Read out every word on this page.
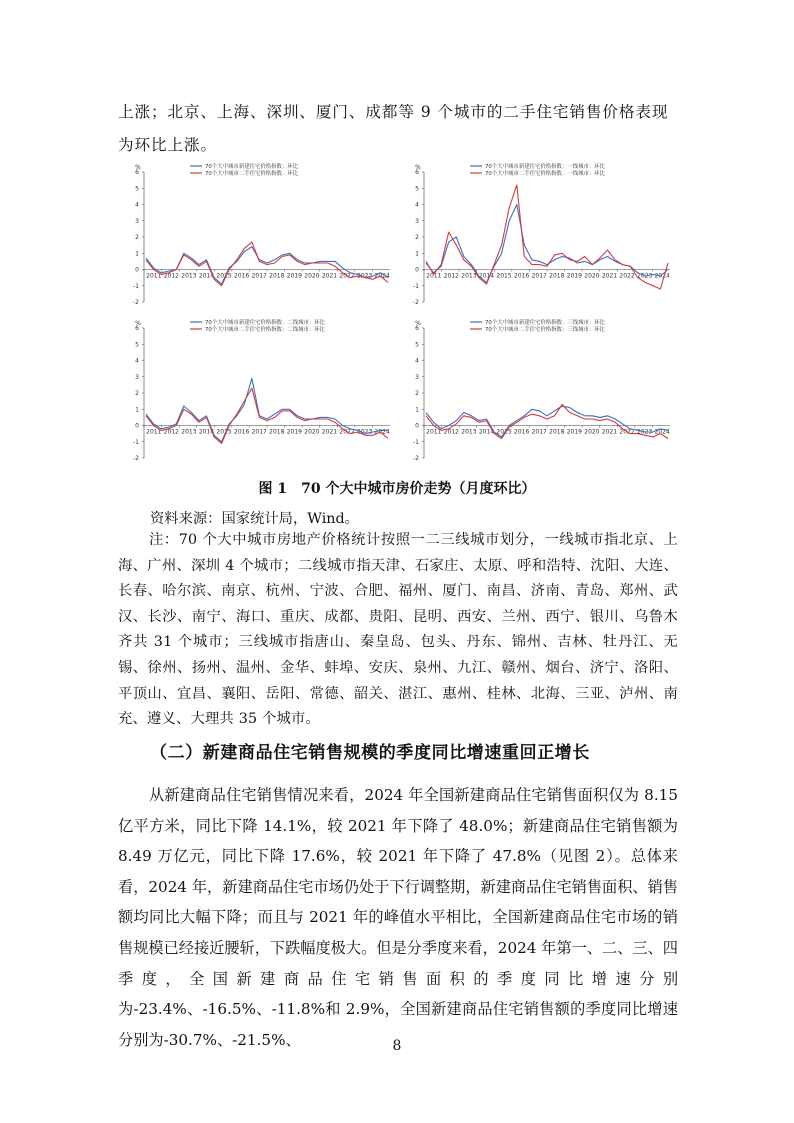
上涨；北京、上海、深圳、厦门、成都等 9 个城市的二手住宅销售价格表现为环比上涨。

%
-2
-1
0
1
2
3
4
5
6
2011 2012 2013 2014 2015 2016 2017 2018 2019 2020 2021 2022 2023 2024
70个大中城市新建住宅价格指数：环比
70个大中城市二手住宅价格指数：环比
%
-2
-1
0
1
2
3
4
5
6
2011 2012 2013 2014 2015 2016 2017 2018 2019 2020 2021 2022 2023 2024
70个大中城市新建住宅价格指数：一线城市：环比
70个大中城市二手住宅价格指数：一线城市：环比
%
-2
-1
0
1
2
3
4
5
6
2011 2012 2013 2014 2015 2016 2017 2018 2019 2020 2021 2022 2023 2024
70个大中城市新建住宅价格指数：二线城市：环比
70个大中城市二手住宅价格指数：二线城市：环比
%
-2
-1
0
1
2
3
4
5
6
2011 2012 2013 2014 2015 2016 2017 2018 2019 2020 2021 2022 2023 2024
70个大中城市新建住宅价格指数：三线城市：环比
70个大中城市二手住宅价格指数：三线城市：环比

图 1　70 个大中城市房价走势（月度环比）

资料来源：国家统计局，Wind。

注：70 个大中城市房地产价格统计按照一二三线城市划分，一线城市指北京、上海、广州、深圳 4 个城市；二线城市指天津、石家庄、太原、呼和浩特、沈阳、大连、长春、哈尔滨、南京、杭州、宁波、合肥、福州、厦门、南昌、济南、青岛、郑州、武汉、长沙、南宁、海口、重庆、成都、贵阳、昆明、西安、兰州、西宁、银川、乌鲁木齐共 31 个城市；三线城市指唐山、秦皇岛、包头、丹东、锦州、吉林、牡丹江、无锡、徐州、扬州、温州、金华、蚌埠、安庆、泉州、九江、赣州、烟台、济宁、洛阳、平顶山、宜昌、襄阳、岳阳、常德、韶关、湛江、惠州、桂林、北海、三亚、泸州、南充、遵义、大理共 35 个城市。

（二）新建商品住宅销售规模的季度同比增速重回正增长

从新建商品住宅销售情况来看，2024 年全国新建商品住宅销售面积仅为 8.15 亿平方米，同比下降 14.1%，较 2021 年下降了 48.0%；新建商品住宅销售额为 8.49 万亿元，同比下降 17.6%，较 2021 年下降了 47.8%（见图 2）。总体来看，2024 年，新建商品住宅市场仍处于下行调整期，新建商品住宅销售面积、销售额均同比大幅下降；而且与 2021 年的峰值水平相比，全国新建商品住宅市场的销售规模已经接近腰斩，下跌幅度极大。但是分季度来看，2024 年第一、二、三、四季度，全国新建商品住宅销售面积的季度同比增速分别为-23.4%、-16.5%、-11.8%和 2.9%，全国新建商品住宅销售额的季度同比增速分别为-30.7%、-21.5%、	8
